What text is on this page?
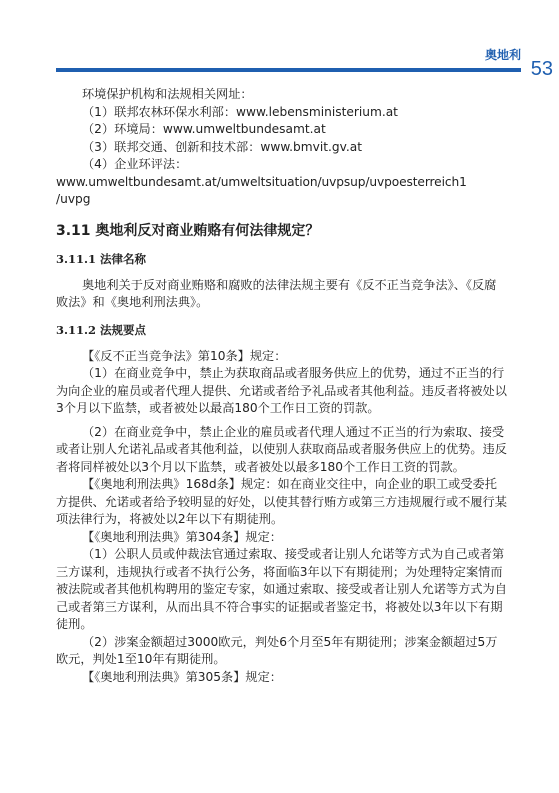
奥地利
53

环境保护机构和法规相关网址：

（1）联邦农林环保水利部：www.lebensministerium.at

（2）环境局：www.umweltbundesamt.at

（3）联邦交通、创新和技术部：www.bmvit.gv.at

（4）企业环评法：

www.umweltbundesamt.at/umweltsituation/uvpsup/uvpoesterreich1

/uvpg

3.11 奥地利反对商业贿赂有何法律规定？

3.11.1 法律名称

奥地利关于反对商业贿赂和腐败的法律法规主要有《反不正当竞争法》、《反腐败法》和《奥地利刑法典》。

3.11.2 法规要点

【《反不正当竞争法》第10条】规定：

（1）在商业竞争中，禁止为获取商品或者服务供应上的优势，通过不正当的行为向企业的雇员或者代理人提供、允诺或者给予礼品或者其他利益。违反者将被处以3个月以下监禁，或者被处以最高180个工作日工资的罚款。

（2）在商业竞争中，禁止企业的雇员或者代理人通过不正当的行为索取、接受或者让别人允诺礼品或者其他利益，以使别人获取商品或者服务供应上的优势。违反者将同样被处以3个月以下监禁，或者被处以最多180个工作日工资的罚款。

【《奥地利刑法典》168d条】规定：如在商业交往中，向企业的职工或受委托方提供、允诺或者给予较明显的好处，以使其替行贿方或第三方违规履行或不履行某项法律行为，将被处以2年以下有期徒刑。

【《奥地利刑法典》第304条】规定：

（1）公职人员或仲裁法官通过索取、接受或者让别人允诺等方式为自己或者第三方谋利，违规执行或者不执行公务，将面临3年以下有期徒刑；为处理特定案情而被法院或者其他机构聘用的鉴定专家，如通过索取、接受或者让别人允诺等方式为自己或者第三方谋利，从而出具不符合事实的证据或者鉴定书，将被处以3年以下有期徒刑。

（2）涉案金额超过3000欧元，判处6个月至5年有期徒刑；涉案金额超过5万欧元，判处1至10年有期徒刑。

【《奥地利刑法典》第305条】规定：
